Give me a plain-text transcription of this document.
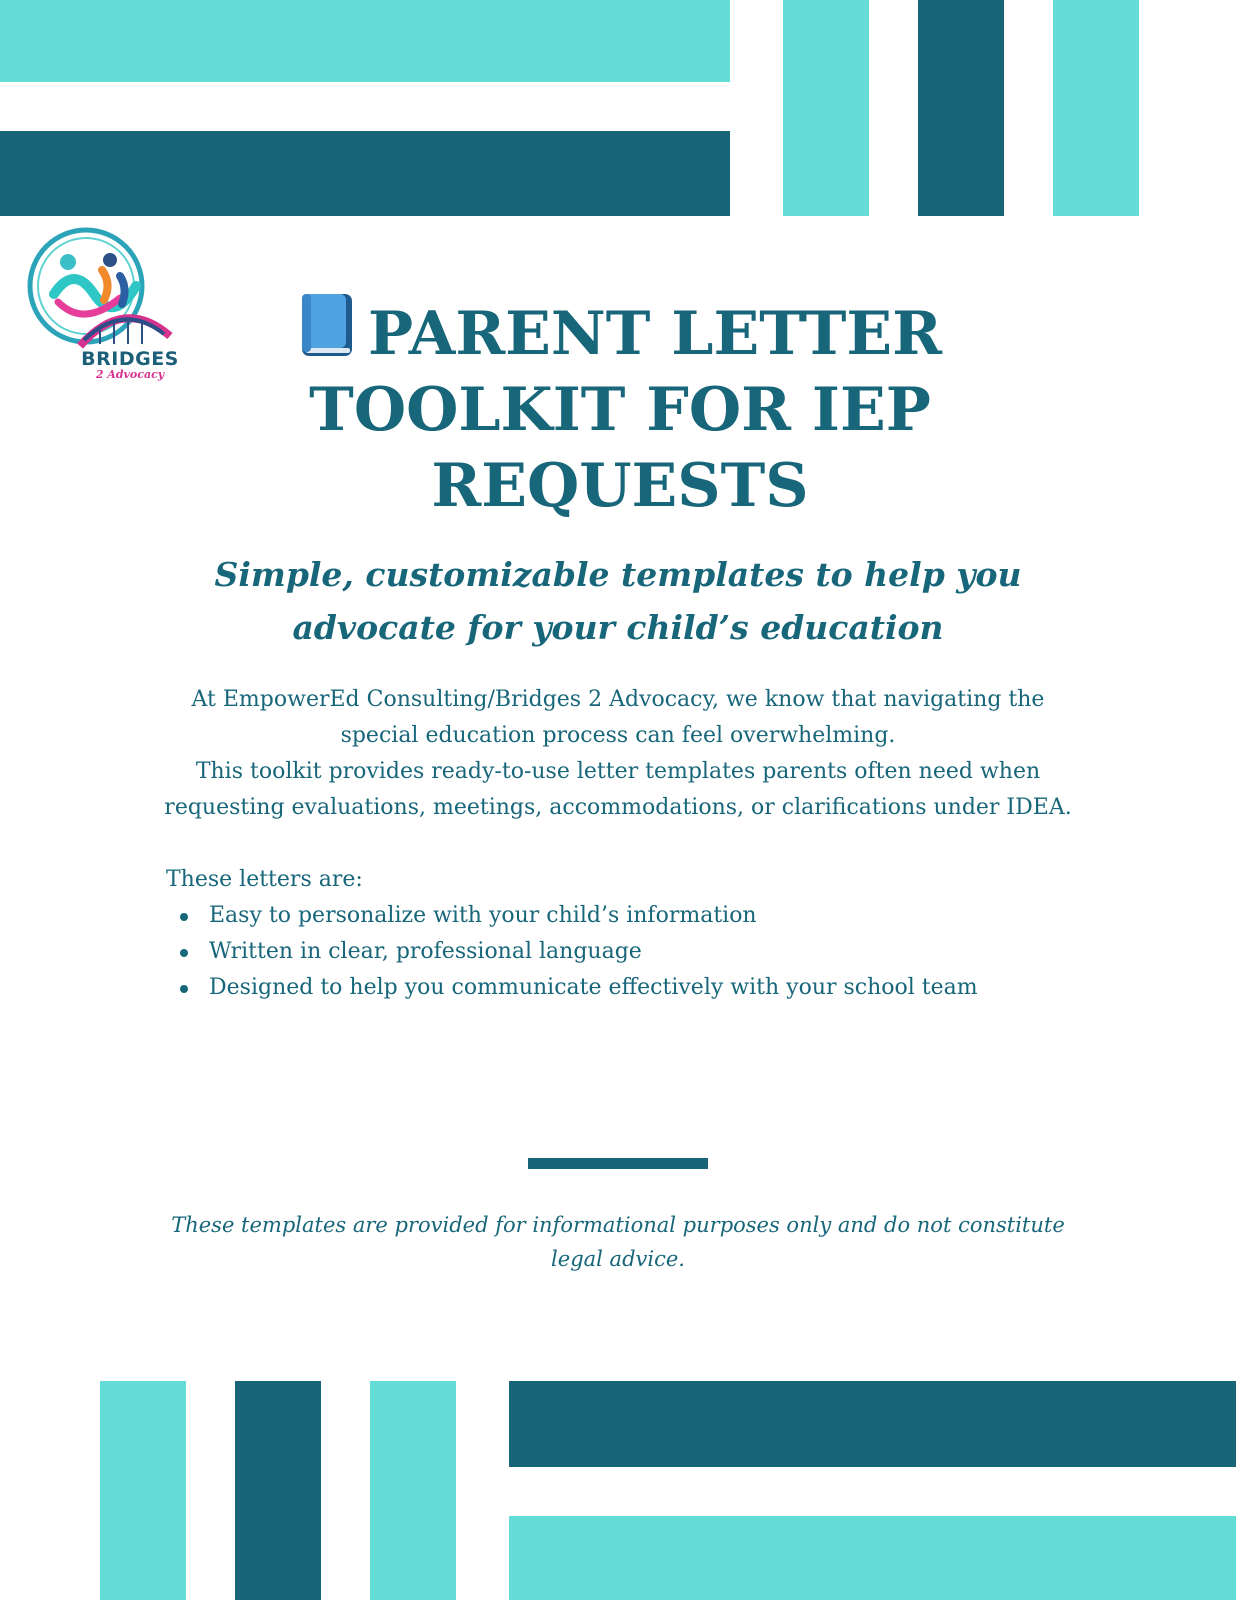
BRIDGES
2 Advocacy
PARENT LETTER TOOLKIT FOR IEP REQUESTS
Simple, customizable templates to help you advocate for your child’s education

At EmpowerEd Consulting/Bridges 2 Advocacy, we know that navigating the special education process can feel overwhelming.

This toolkit provides ready-to-use letter templates parents often need when requesting evaluations, meetings, accommodations, or clarifications under IDEA.

These letters are:

Easy to personalize with your child’s information
Written in clear, professional language
Designed to help you communicate effectively with your school team

These templates are provided for informational purposes only and do not constitute legal advice.
